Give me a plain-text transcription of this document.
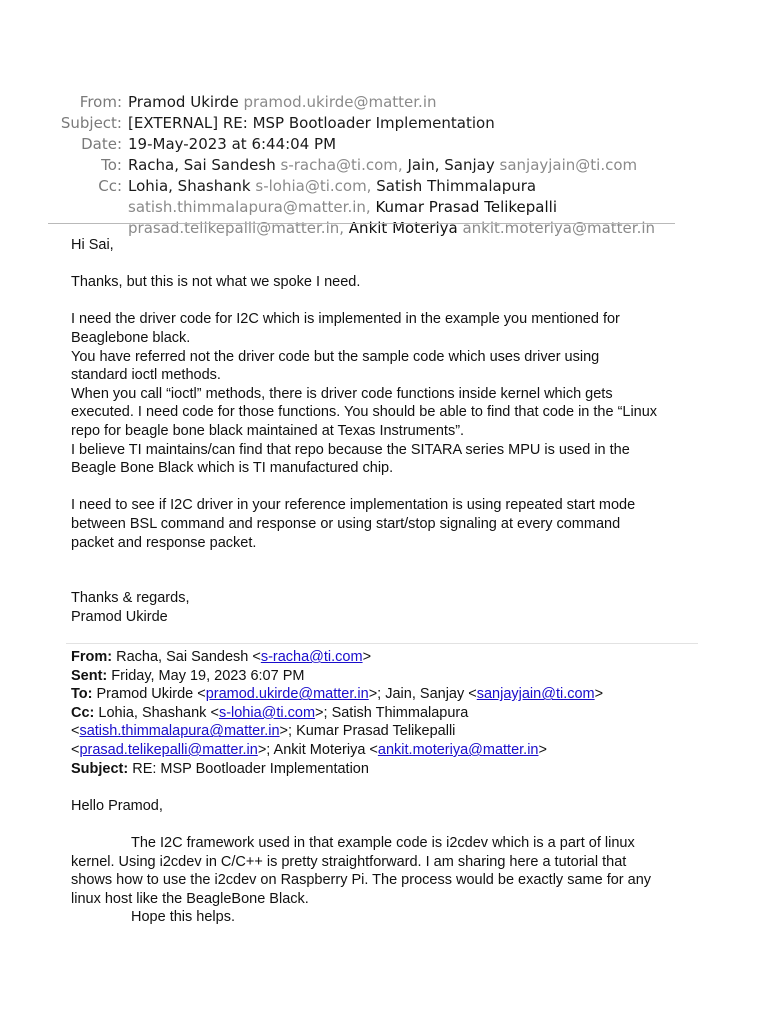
From: Pramod Ukirde pramod.ukirde@matter.in
Subject: [EXTERNAL] RE: MSP Bootloader Implementation
Date: 19-May-2023 at 6:44:04 PM
To: Racha, Sai Sandesh s-racha@ti.com, Jain, Sanjay sanjayjain@ti.com
Cc: Lohia, Shashank s-lohia@ti.com, Satish Thimmalapura
satish.thimmalapura@matter.in, Kumar Prasad Telikepalli
prasad.telikepalli@matter.in, Ankit Moteriya ankit.moteriya@matter.in

Hi Sai,

Thanks, but this is not what we spoke I need.

I need the driver code for I2C which is implemented in the example you mentioned for

Beaglebone black.

You have referred not the driver code but the sample code which uses driver using

standard ioctl methods.

When you call “ioctl” methods, there is driver code functions inside kernel which gets

executed. I need code for those functions. You should be able to find that code in the “Linux

repo for beagle bone black maintained at Texas Instruments”.

I believe TI maintains/can find that repo because the SITARA series MPU is used in the

Beagle Bone Black which is TI manufactured chip.

I need to see if I2C driver in your reference implementation is using repeated start mode

between BSL command and response or using start/stop signaling at every command

packet and response packet.

Thanks & regards,

Pramod Ukirde

From: Racha, Sai Sandesh <s-racha@ti.com>

Sent: Friday, May 19, 2023 6:07 PM

To: Pramod Ukirde <pramod.ukirde@matter.in>; Jain, Sanjay <sanjayjain@ti.com>

Cc: Lohia, Shashank <s-lohia@ti.com>; Satish Thimmalapura

<satish.thimmalapura@matter.in>; Kumar Prasad Telikepalli

<prasad.telikepalli@matter.in>; Ankit Moteriya <ankit.moteriya@matter.in>

Subject: RE: MSP Bootloader Implementation

Hello Pramod,

The I2C framework used in that example code is i2cdev which is a part of linux

kernel. Using i2cdev in C/C++ is pretty straightforward. I am sharing here a tutorial that

shows how to use the i2cdev on Raspberry Pi. The process would be exactly same for any

linux host like the BeagleBone Black.

Hope this helps.
